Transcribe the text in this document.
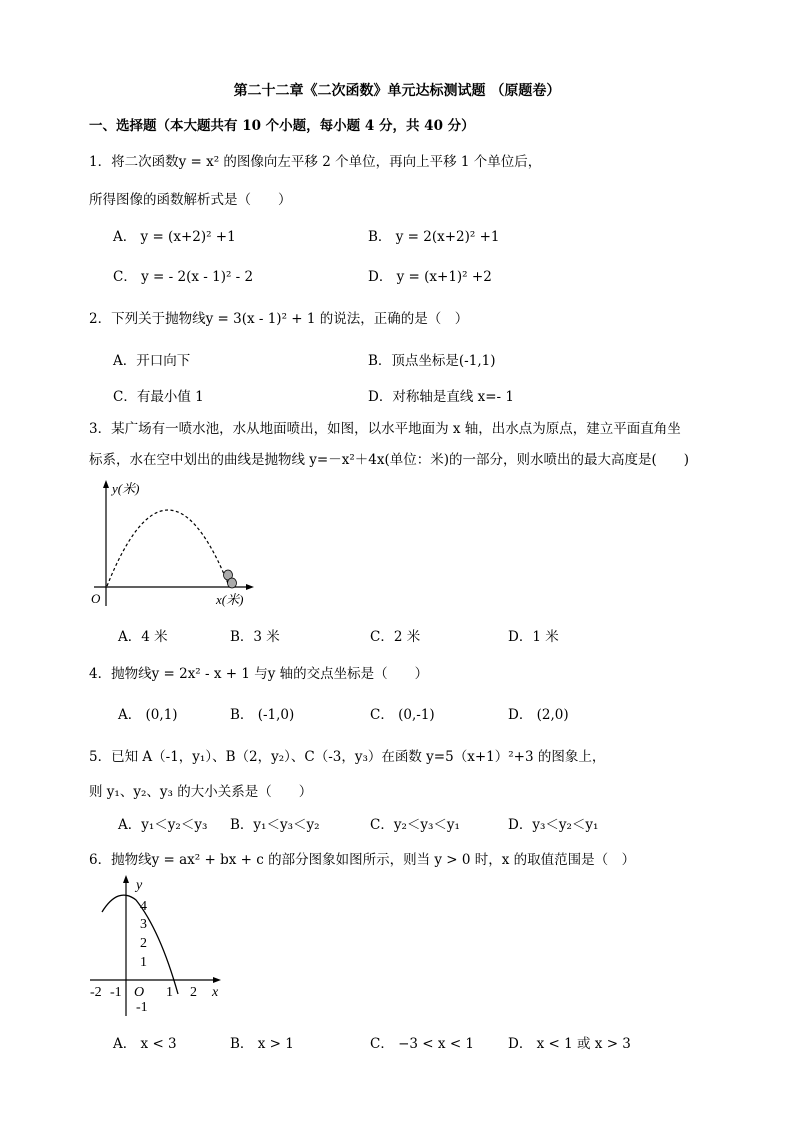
第二十二章《二次函数》单元达标测试题 （原题卷）
一、选择题（本大题共有 10 个小题，每小题 4 分，共 40 分）
1．将二次函数y = x² 的图像向左平移 2 个单位，再向上平移 1 个单位后，
所得图像的函数解析式是（　　）
A． y = (x+2)² +1	B． y = 2(x+2)² +1
C． y = - 2(x - 1)² - 2	D． y = (x+1)² +2
2．下列关于抛物线y = 3(x - 1)² + 1 的说法，正确的是（　）
A．开口向下	B．顶点坐标是(-1,1)
C．有最小值 1	D．对称轴是直线 x=- 1
3．某广场有一喷水池，水从地面喷出，如图，以水平地面为 x 轴，出水点为原点，建立平面直角坐
标系，水在空中划出的曲线是抛物线 y=－x²＋4x(单位：米)的一部分，则水喷出的最大高度是(　　)
y(米)
x(米)
O
A．4 米	B．3 米	C．2 米	D．1 米
4．抛物线y = 2x² - x + 1 与y 轴的交点坐标是（　　）
A． (0,1)	B． (-1,0)	C． (0,-1)	D． (2,0)
5．已知 A（-1，y₁）、B（2，y₂）、C（-3，y₃）在函数 y=5（x+1）²+3 的图象上，
则 y₁、y₂、y₃ 的大小关系是（　　）
A．y₁＜y₂＜y₃ B．y₁＜y₃＜y₂	C．y₂＜y₃＜y₁	D．y₃＜y₂＜y₁
6．抛物线y = ax² + bx + c 的部分图象如图所示，则当 y > 0 时，x 的取值范围是（　）
y
x
O
4
3
2
1
-1
-2 -1	1 2
A． x < 3	B． x > 1	C． −3 < x < 1	D． x < 1 或 x > 3
